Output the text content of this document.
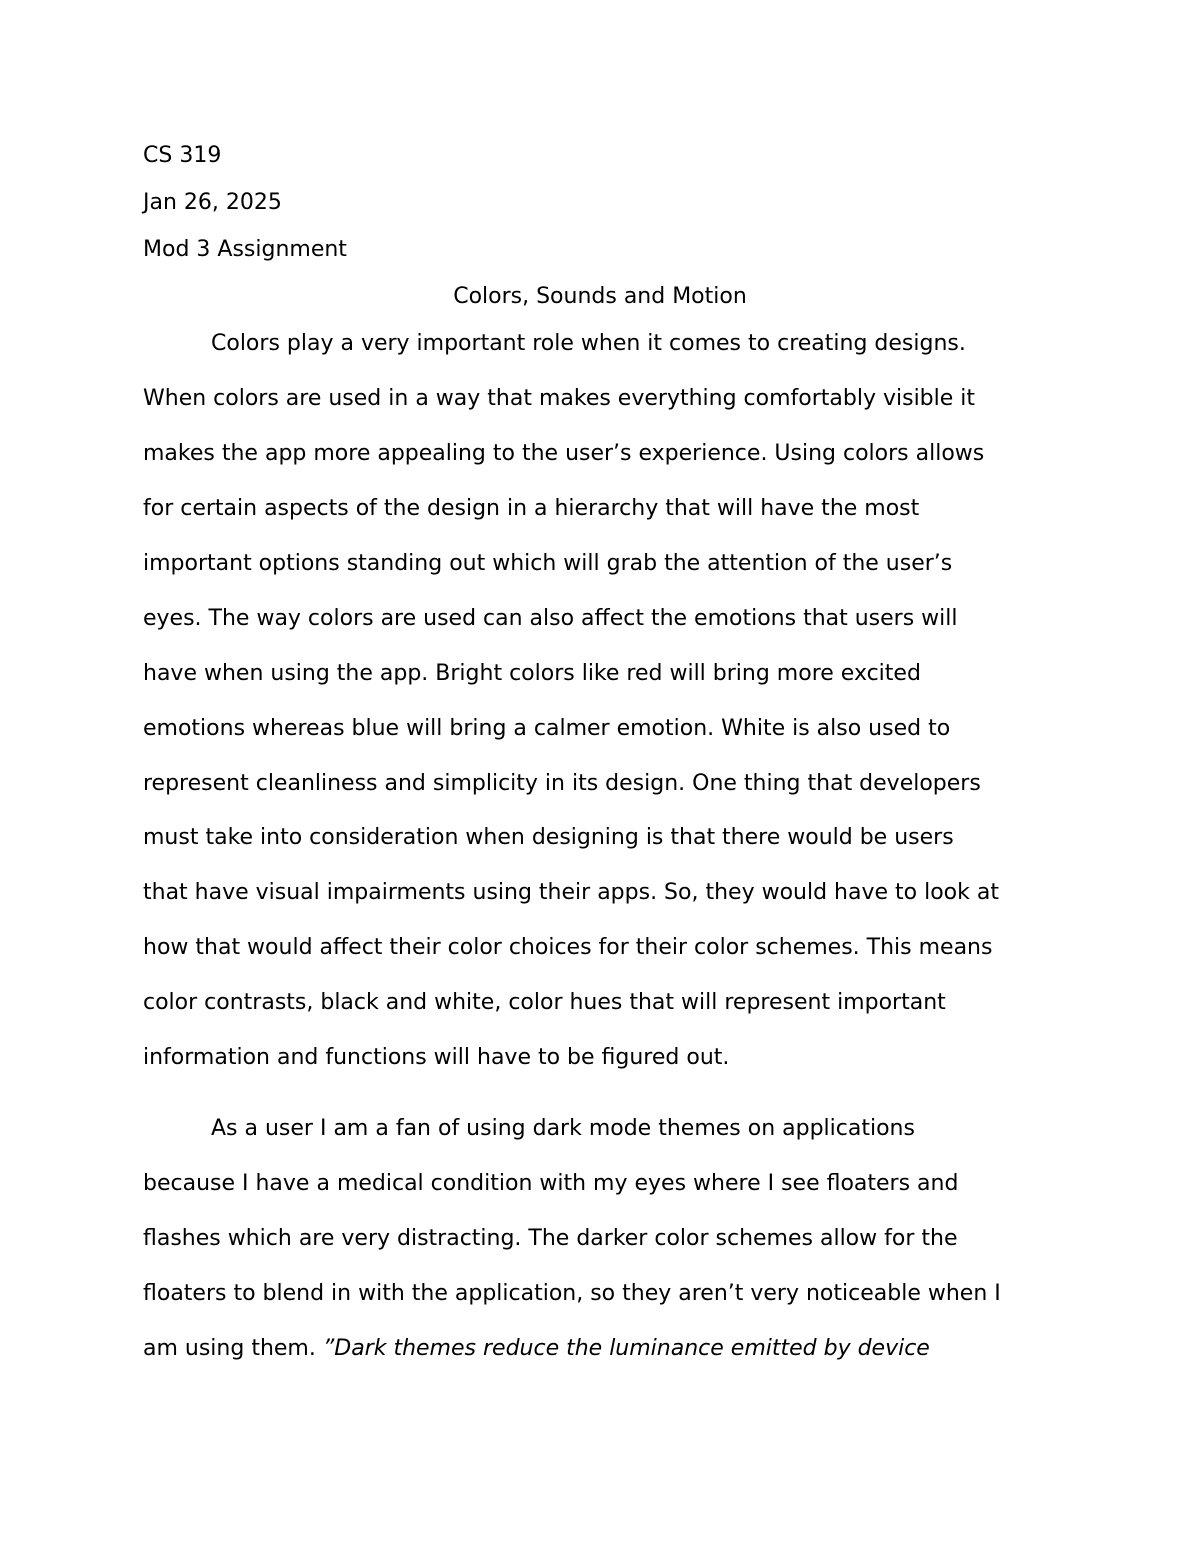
CS 319

Jan 26, 2025

Mod 3 Assignment

Colors, Sounds and Motion

Colors play a very important role when it comes to creating designs.

When colors are used in a way that makes everything comfortably visible it

makes the app more appealing to the user’s experience. Using colors allows

for certain aspects of the design in a hierarchy that will have the most

important options standing out which will grab the attention of the user’s

eyes. The way colors are used can also affect the emotions that users will

have when using the app. Bright colors like red will bring more excited

emotions whereas blue will bring a calmer emotion. White is also used to

represent cleanliness and simplicity in its design. One thing that developers

must take into consideration when designing is that there would be users

that have visual impairments using their apps. So, they would have to look at

how that would affect their color choices for their color schemes. This means

color contrasts, black and white, color hues that will represent important

information and functions will have to be figured out.

As a user I am a fan of using dark mode themes on applications

because I have a medical condition with my eyes where I see floaters and

flashes which are very distracting. The darker color schemes allow for the

floaters to blend in with the application, so they aren’t very noticeable when I

am using them. ”Dark themes reduce the luminance emitted by device
